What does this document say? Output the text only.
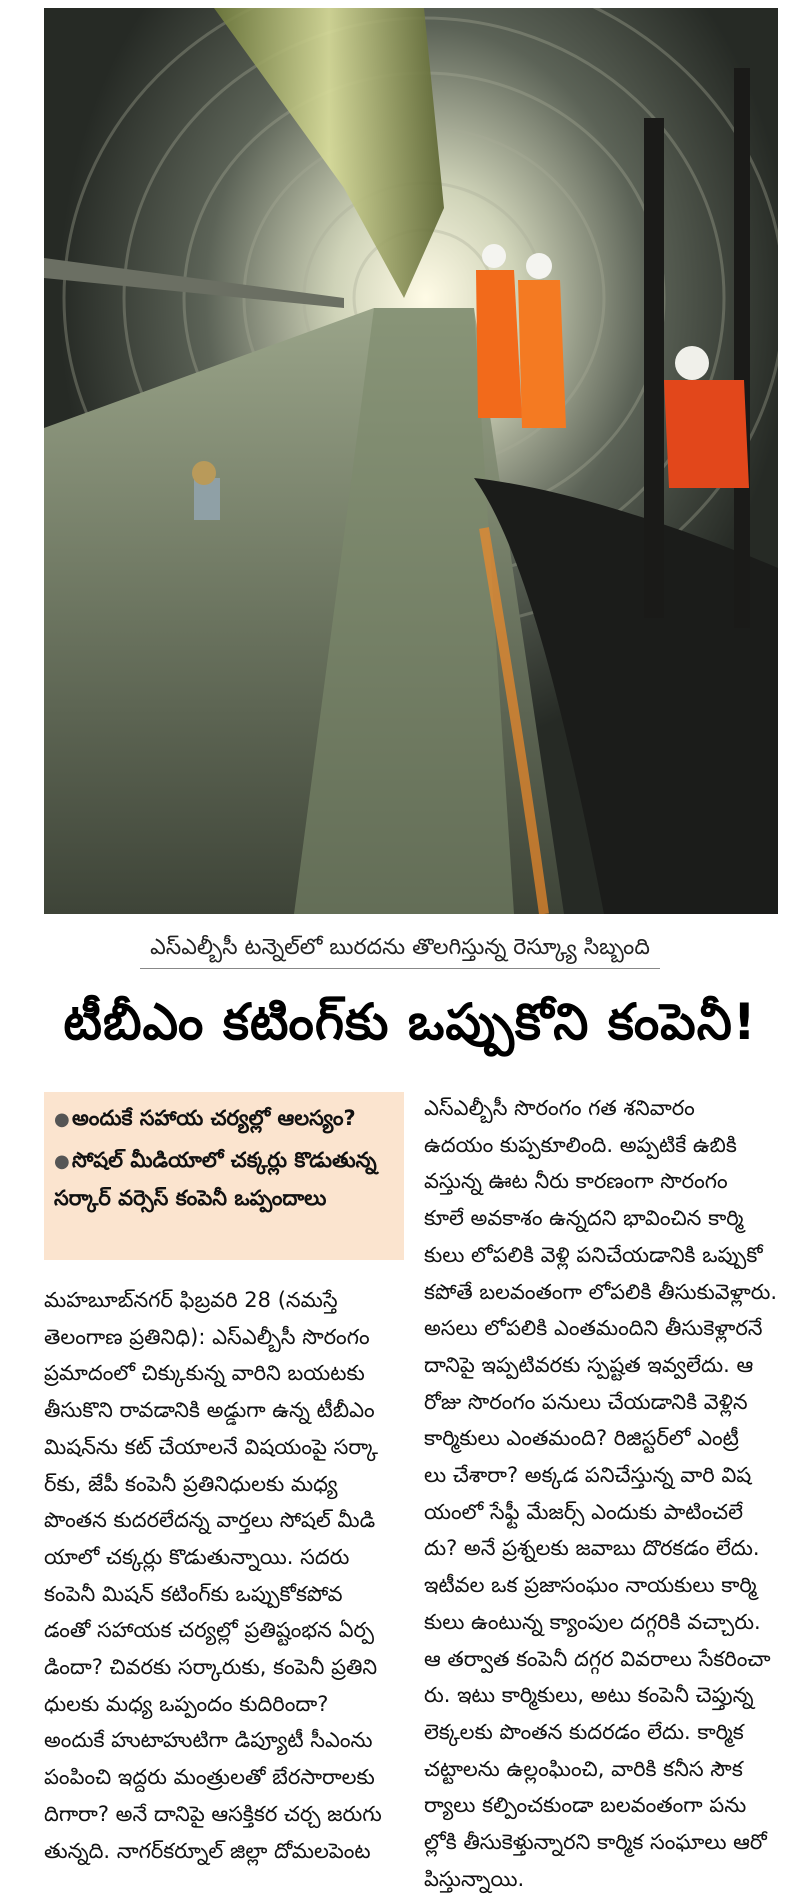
ఎస్ఎల్బీసీ టన్నెల్‌లో బురదను తొలగిస్తున్న రెస్క్యూ సిబ్బంది
టీబీఎం కటింగ్‌కు ఒప్పుకోని కంపెనీ!
● అందుకే సహాయ చర్యల్లో ఆలస్యం?
● సోషల్ మీడియాలో చక్కర్లు కొడుతున్న సర్కార్ వర్సెస్ కంపెనీ ఒప్పందాలు
మహబూబ్‌నగర్ ఫిబ్రవరి 28 (నమస్తే
తెలంగాణ ప్రతినిధి): ఎస్ఎల్బీసీ సొరంగం
ప్రమాదంలో చిక్కుకున్న వారిని బయటకు
తీసుకొని రావడానికి అడ్డుగా ఉన్న టీబీఎం
మిషన్‌ను కట్ చేయాలనే విషయంపై సర్కా
ర్‌కు, జేపీ కంపెనీ ప్రతినిధులకు మధ్య
పొంతన కుదరలేదన్న వార్తలు సోషల్ మీడి
యాలో చక్కర్లు కొడుతున్నాయి. సదరు
కంపెనీ మిషన్ కటింగ్‌కు ఒప్పుకోకపోవ
డంతో సహాయక చర్యల్లో ప్రతిష్టంభన ఏర్ప
డిందా? చివరకు సర్కారుకు, కంపెనీ ప్రతిని
ధులకు మధ్య ఒప్పందం కుదిరిందా?
అందుకే హుటాహుటిగా డిప్యూటీ సీఎంను
పంపించి ఇద్దరు మంత్రులతో బేరసారాలకు
దిగారా? అనే దానిపై ఆసక్తికర చర్చ జరుగు
తున్నది. నాగర్‌కర్నూల్ జిల్లా దోమలపెంట
ఎస్ఎల్బీసీ సొరంగం గత శనివారం
ఉదయం కుప్పకూలింది. అప్పటికే ఉబికి
వస్తున్న ఊట నీరు కారణంగా సొరంగం
కూలే అవకాశం ఉన్నదని భావించిన కార్మి
కులు లోపలికి వెళ్లి పనిచేయడానికి ఒప్పుకో
కపోతే బలవంతంగా లోపలికి తీసుకువెళ్లారు.
అసలు లోపలికి ఎంతమందిని తీసుకెళ్లారనే
దానిపై ఇప్పటివరకు స్పష్టత ఇవ్వలేదు. ఆ
రోజు సొరంగం పనులు చేయడానికి వెళ్లిన
కార్మికులు ఎంతమంది? రిజిస్టర్‌లో ఎంట్రీ
లు చేశారా? అక్కడ పనిచేస్తున్న వారి విష
యంలో సేఫ్టీ మేజర్స్ ఎందుకు పాటించలే
దు? అనే ప్రశ్నలకు జవాబు దొరకడం లేదు.
ఇటీవల ఒక ప్రజాసంఘం నాయకులు కార్మి
కులు ఉంటున్న క్యాంపుల దగ్గరికి వచ్చారు.
ఆ తర్వాత కంపెనీ దగ్గర వివరాలు సేకరించా
రు. ఇటు కార్మికులు, అటు కంపెనీ చెప్తున్న
లెక్కలకు పొంతన కుదరడం లేదు. కార్మిక
చట్టాలను ఉల్లంఘించి, వారికి కనీస సౌక
ర్యాలు కల్పించకుండా బలవంతంగా పను
ల్లోకి తీసుకెళ్తున్నారని కార్మిక సంఘాలు ఆరో
పిస్తున్నాయి.
